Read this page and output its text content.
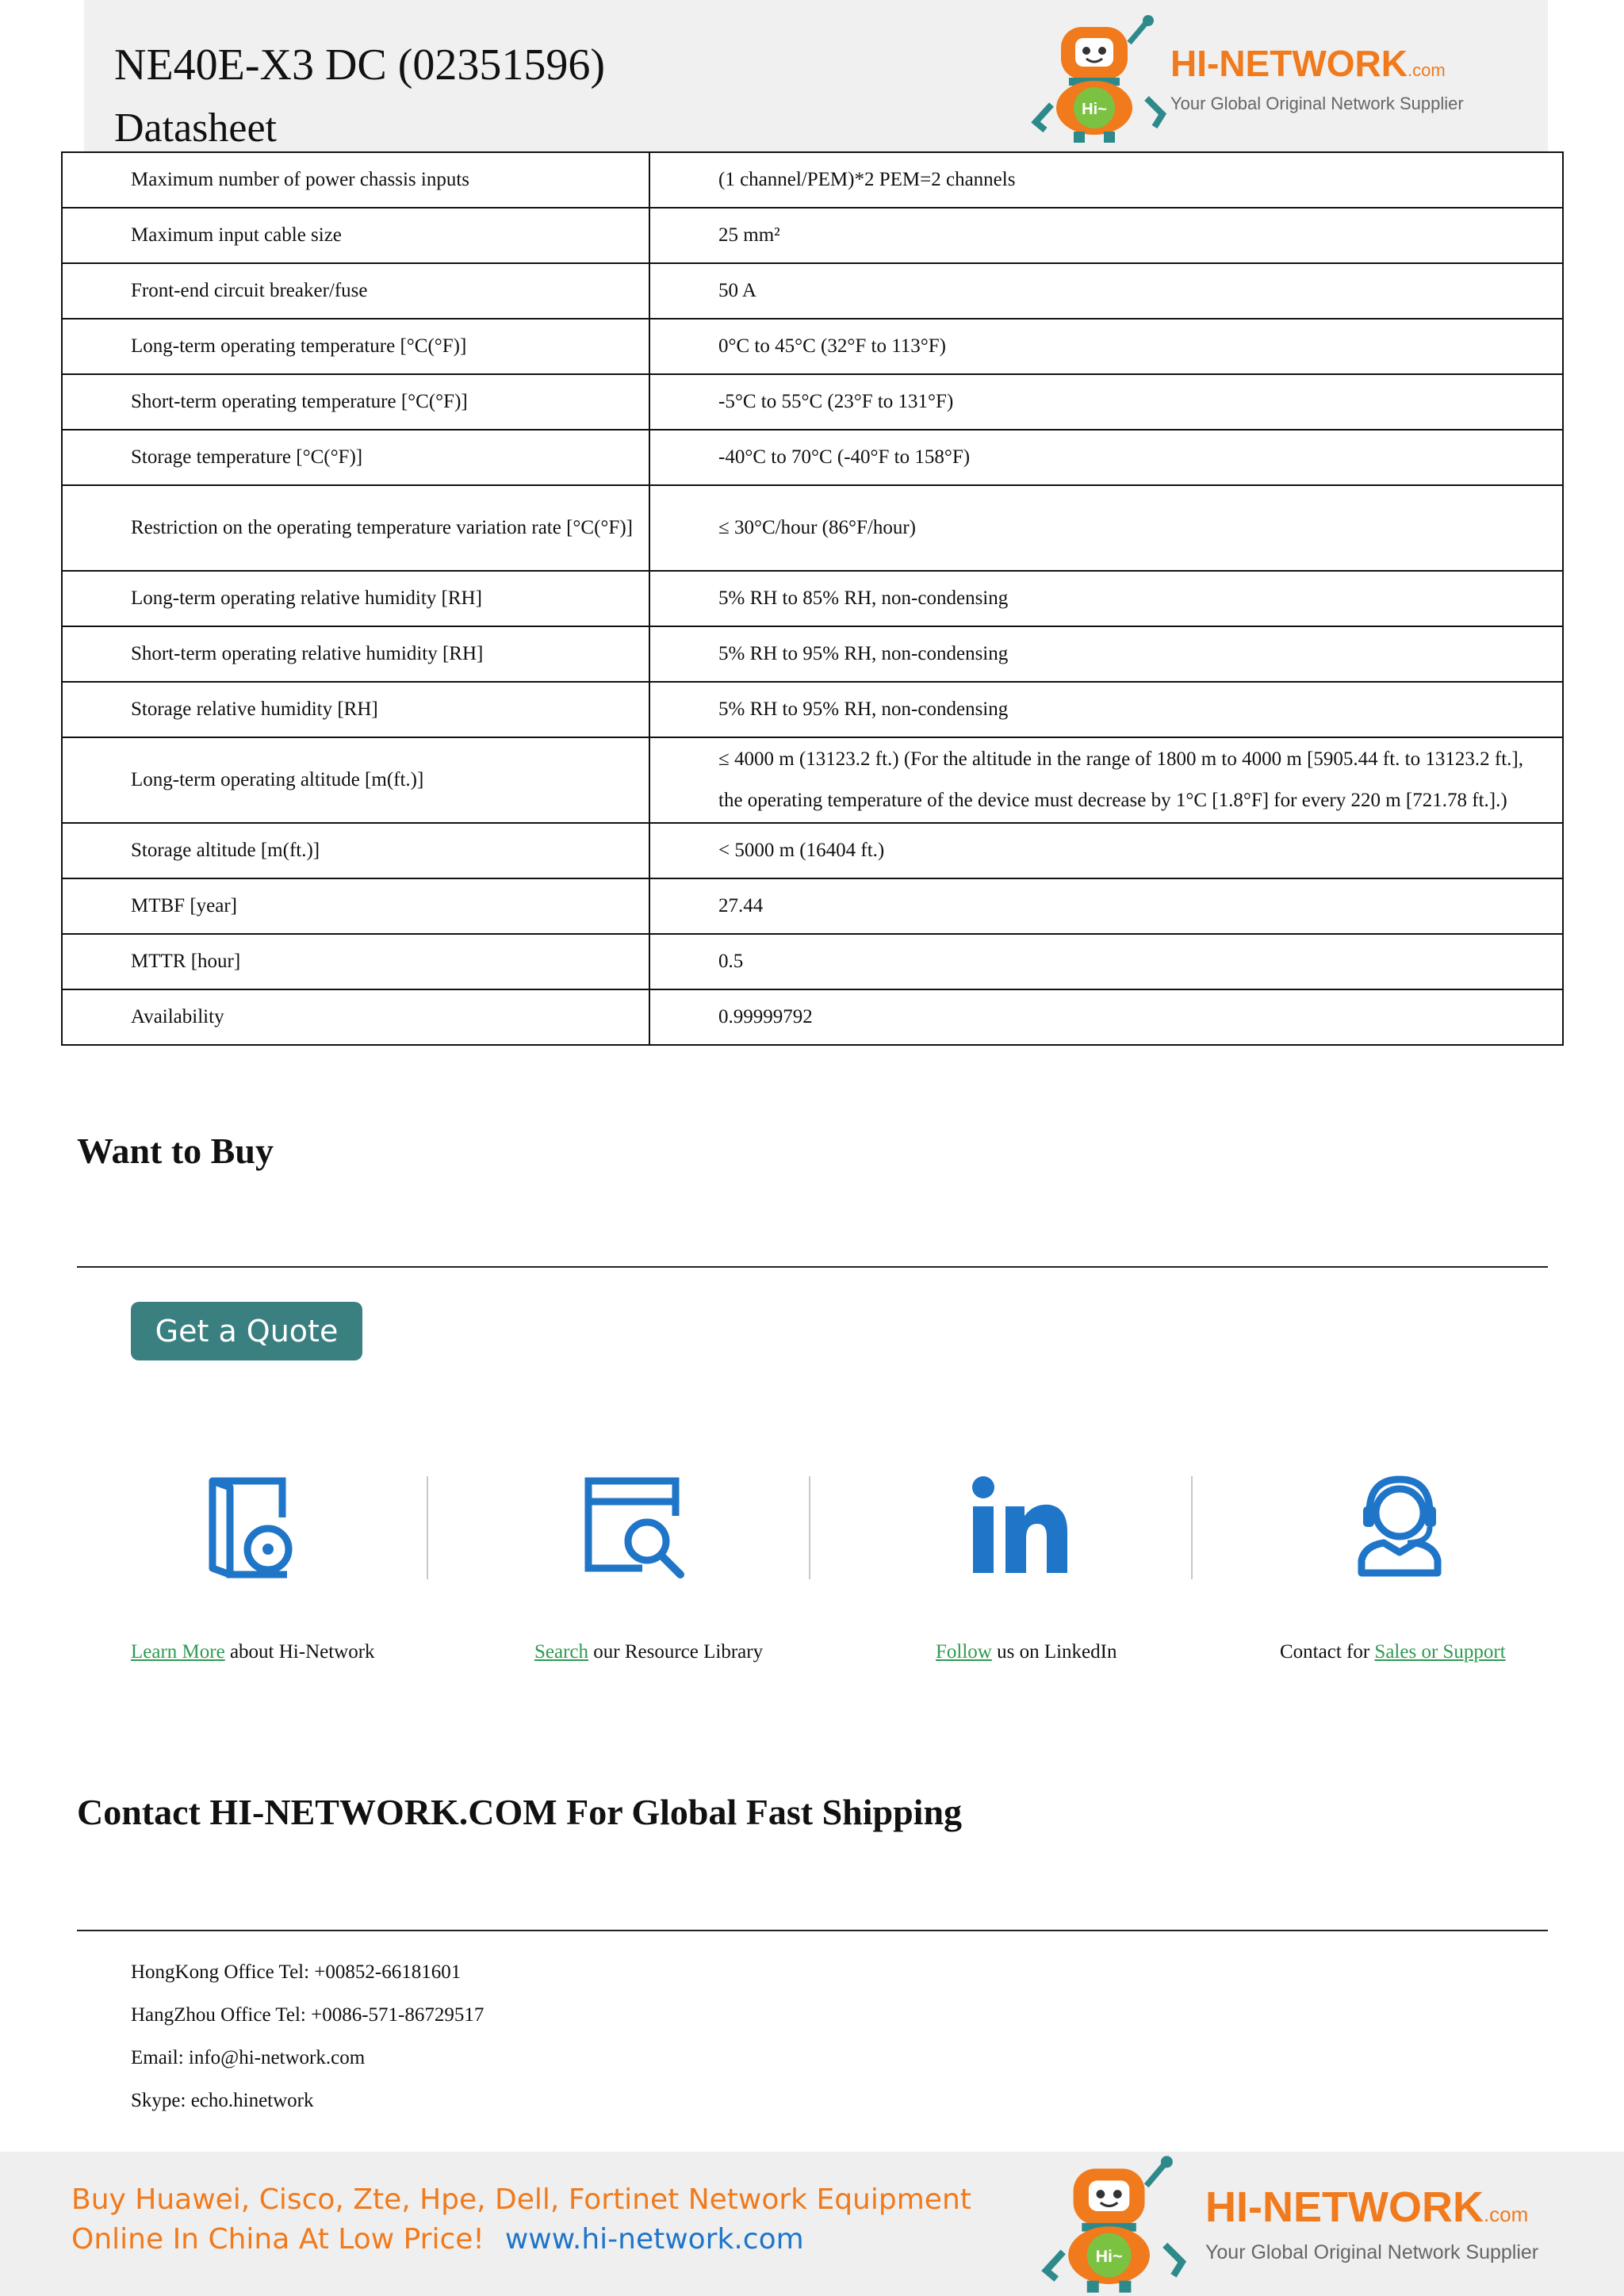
NE40E-X3 DC (02351596)
Datasheet	Hi~
HI-NETWORK.com
Your Global Original Network Supplier
Maximum number of power chassis inputs	(1 channel/PEM)*2 PEM=2 channels
Maximum input cable size	25 mm²
Front-end circuit breaker/fuse	50 A
Long-term operating temperature [°C(°F)]	0°C to 45°C (32°F to 113°F)
Short-term operating temperature [°C(°F)]	-5°C to 55°C (23°F to 131°F)
Storage temperature [°C(°F)]	-40°C to 70°C (-40°F to 158°F)

Restriction on the operating temperature variation rate [°C(°F)]	≤ 30°C/hour (86°F/hour)
Long-term operating relative humidity [RH]	5% RH to 85% RH, non-condensing
Short-term operating relative humidity [RH]	5% RH to 95% RH, non-condensing
Storage relative humidity [RH]	5% RH to 95% RH, non-condensing
Long-term operating altitude [m(ft.)]	≤ 4000 m (13123.2 ft.) (For the altitude in the range of 1800 m to 4000 m [5905.44 ft. to 13123.2 ft.], the operating temperature of the device must decrease by 1°C [1.8°F] for every 220 m [721.78 ft.].)

Storage altitude [m(ft.)]	< 5000 m (16404 ft.)
MTBF [year]	27.44
MTTR [hour]	0.5
Availability	0.99999792
Want to Buy
Get a Quote
Learn More about Hi-Network	Search our Resource Library	Follow us on LinkedIn	Contact for Sales or Support
Contact HI-NETWORK.COM For Global Fast Shipping
HongKong Office Tel: +00852-66181601
HangZhou Office Tel: +0086-571-86729517
Email: info@hi-network.com
Skype: echo.hinetwork
Buy Huawei, Cisco, Zte, Hpe, Dell, Fortinet Network Equipment
Online In China At Low Price! www.hi-network.com
Hi~
HI-NETWORK.com
Your Global Original Network Supplier
